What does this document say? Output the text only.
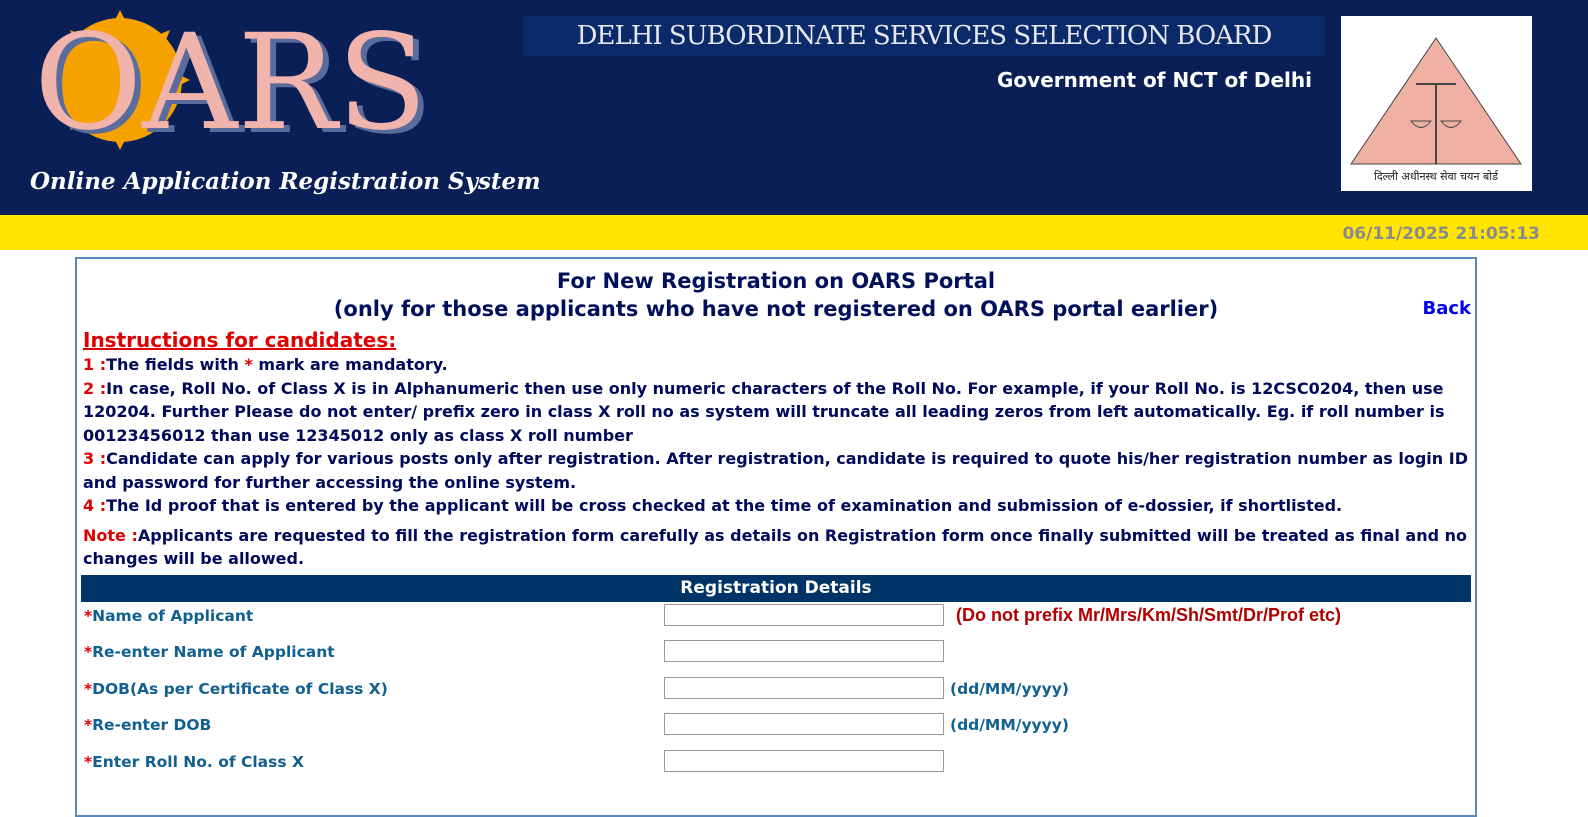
OARS
Online Application Registration System
DELHI SUBORDINATE SERVICES SELECTION BOARD
Government of NCT of Delhi
दिल्ली अधीनस्थ सेवा चयन बोर्ड
06/11/2025 21:05:13
For New Registration on OARS Portal
(only for those applicants who have not registered on OARS portal earlier)	Back
Instructions for candidates:
1 :The fields with * mark are mandatory.
2 :In case, Roll No. of Class X is in Alphanumeric then use only numeric characters of the Roll No. For example, if your Roll No. is 12CSC0204, then use 120204. Further Please do not enter/ prefix zero in class X roll no as system will truncate all leading zeros from left automatically. Eg. if roll number is 00123456012 than use 12345012 only as class X roll number
3 :Candidate can apply for various posts only after registration. After registration, candidate is required to quote his/her registration number as login ID and password for further accessing the online system.
4 :The Id proof that is entered by the applicant will be cross checked at the time of examination and submission of e-dossier, if shortlisted.
Note :Applicants are requested to fill the registration form carefully as details on Registration form once finally submitted will be treated as final and no changes will be allowed.
Registration Details
*Name of Applicant	(Do not prefix Mr/Mrs/Km/Sh/Smt/Dr/Prof etc)
*Re-enter Name of Applicant
*DOB(As per Certificate of Class X)	(dd/MM/yyyy)
*Re-enter DOB	(dd/MM/yyyy)
*Enter Roll No. of Class X
